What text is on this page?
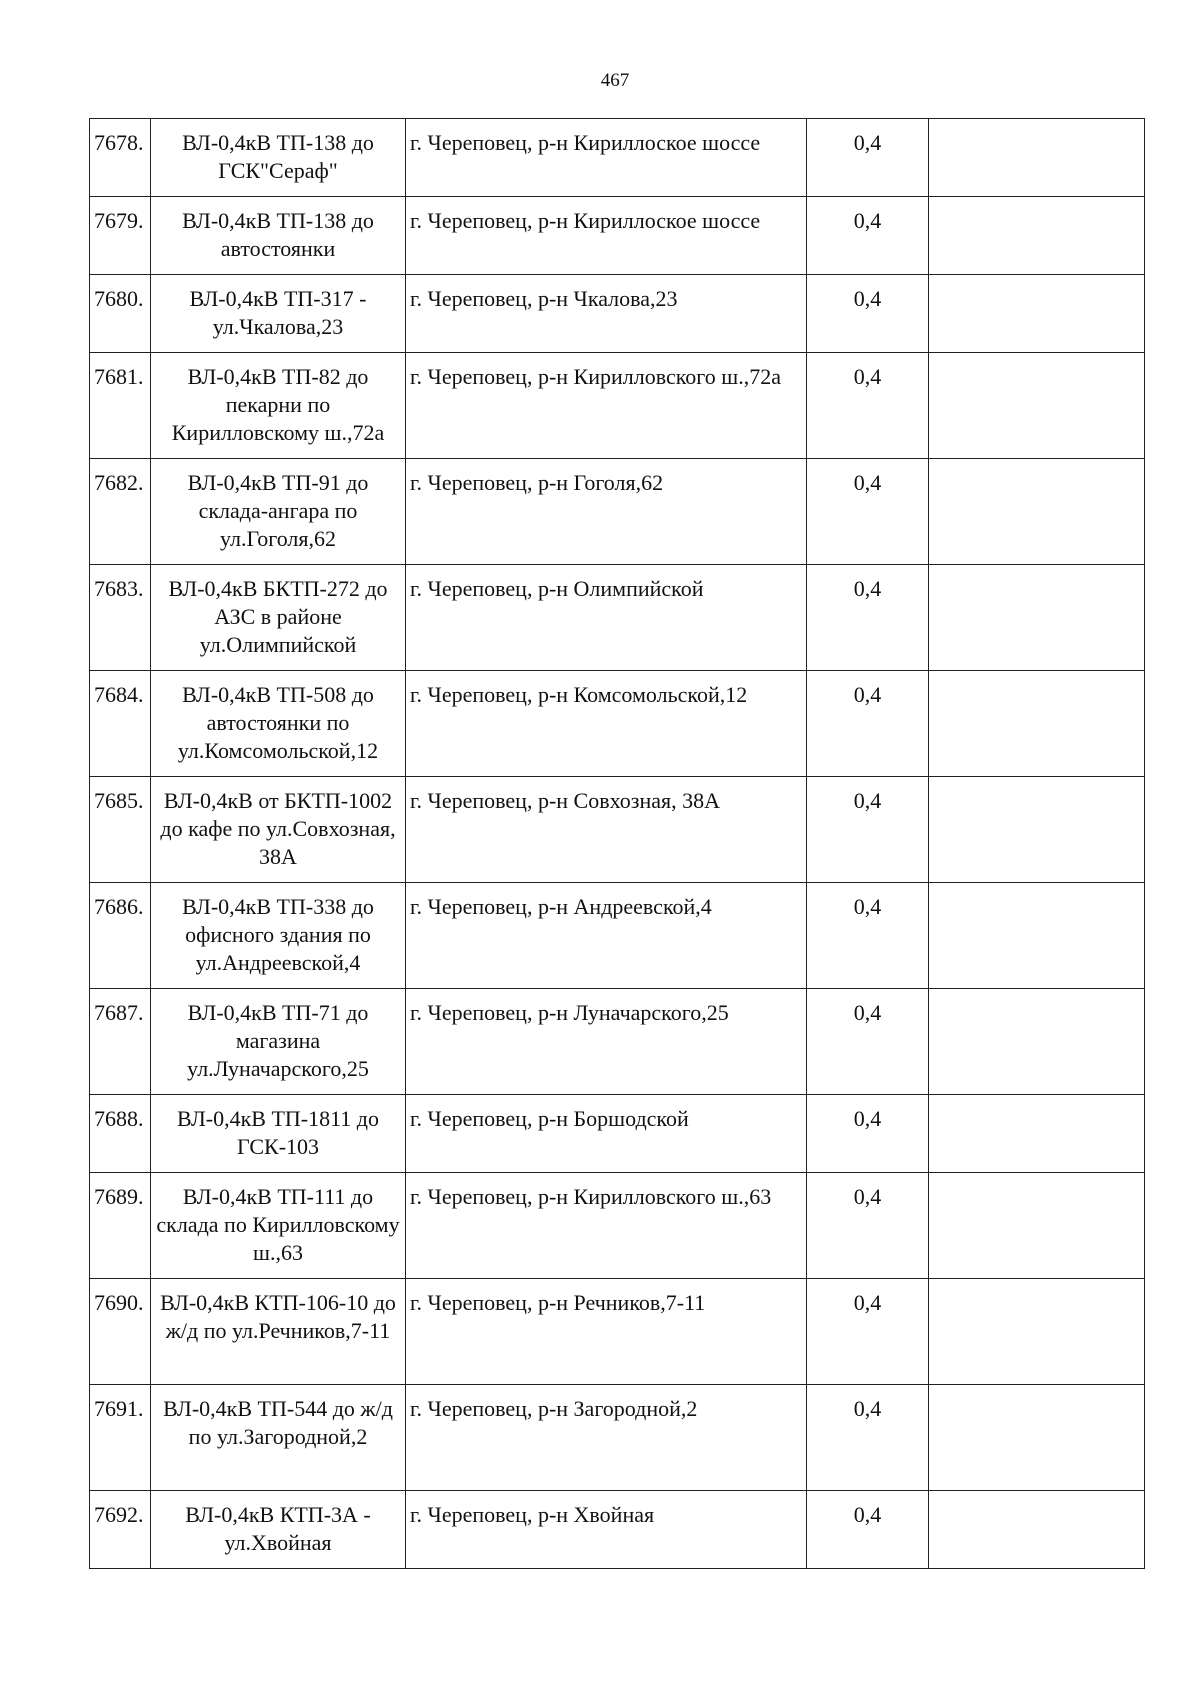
467
7678.	ВЛ-0,4кВ ТП-138 до ГСК"Сераф"	г. Череповец, р-н Кириллоское шоссе	0,4	
7679.	ВЛ-0,4кВ ТП-138 до автостоянки	г. Череповец, р-н Кириллоское шоссе	0,4	
7680.	ВЛ-0,4кВ ТП-317 - ул.Чкалова,23	г. Череповец, р-н Чкалова,23	0,4	
7681.	ВЛ-0,4кВ ТП-82 до пекарни по Кирилловскому ш.,72а	г. Череповец, р-н Кирилловского ш.,72а	0,4	
7682.	ВЛ-0,4кВ ТП-91 до склада-ангара по ул.Гоголя,62	г. Череповец, р-н Гоголя,62	0,4	
7683.	ВЛ-0,4кВ БКТП-272 до АЗС в районе ул.Олимпийской	г. Череповец, р-н Олимпийской	0,4	
7684.	ВЛ-0,4кВ ТП-508 до автостоянки по ул.Комсомольской,12	г. Череповец, р-н Комсомольской,12	0,4	
7685.	ВЛ-0,4кВ от БКТП-1002 до кафе по ул.Совхозная, 38А	г. Череповец, р-н Совхозная, 38А	0,4	
7686.	ВЛ-0,4кВ ТП-338 до офисного здания по ул.Андреевской,4	г. Череповец, р-н Андреевской,4	0,4	
7687.	ВЛ-0,4кВ ТП-71 до магазина ул.Луначарского,25	г. Череповец, р-н Луначарского,25	0,4	
7688.	ВЛ-0,4кВ ТП-1811 до ГСК-103	г. Череповец, р-н Боршодской	0,4	
7689.	ВЛ-0,4кВ ТП-111 до склада по Кирилловскому ш.,63	г. Череповец, р-н Кирилловского ш.,63	0,4	
7690.	ВЛ-0,4кВ КТП-106-10 до ж/д по ул.Речников,7-11	г. Череповец, р-н Речников,7-11	0,4	
7691.	ВЛ-0,4кВ ТП-544 до ж/д по ул.Загородной,2	г. Череповец, р-н Загородной,2	0,4	
7692.	ВЛ-0,4кВ КТП-3А - ул.Хвойная	г. Череповец, р-н Хвойная	0,4	
